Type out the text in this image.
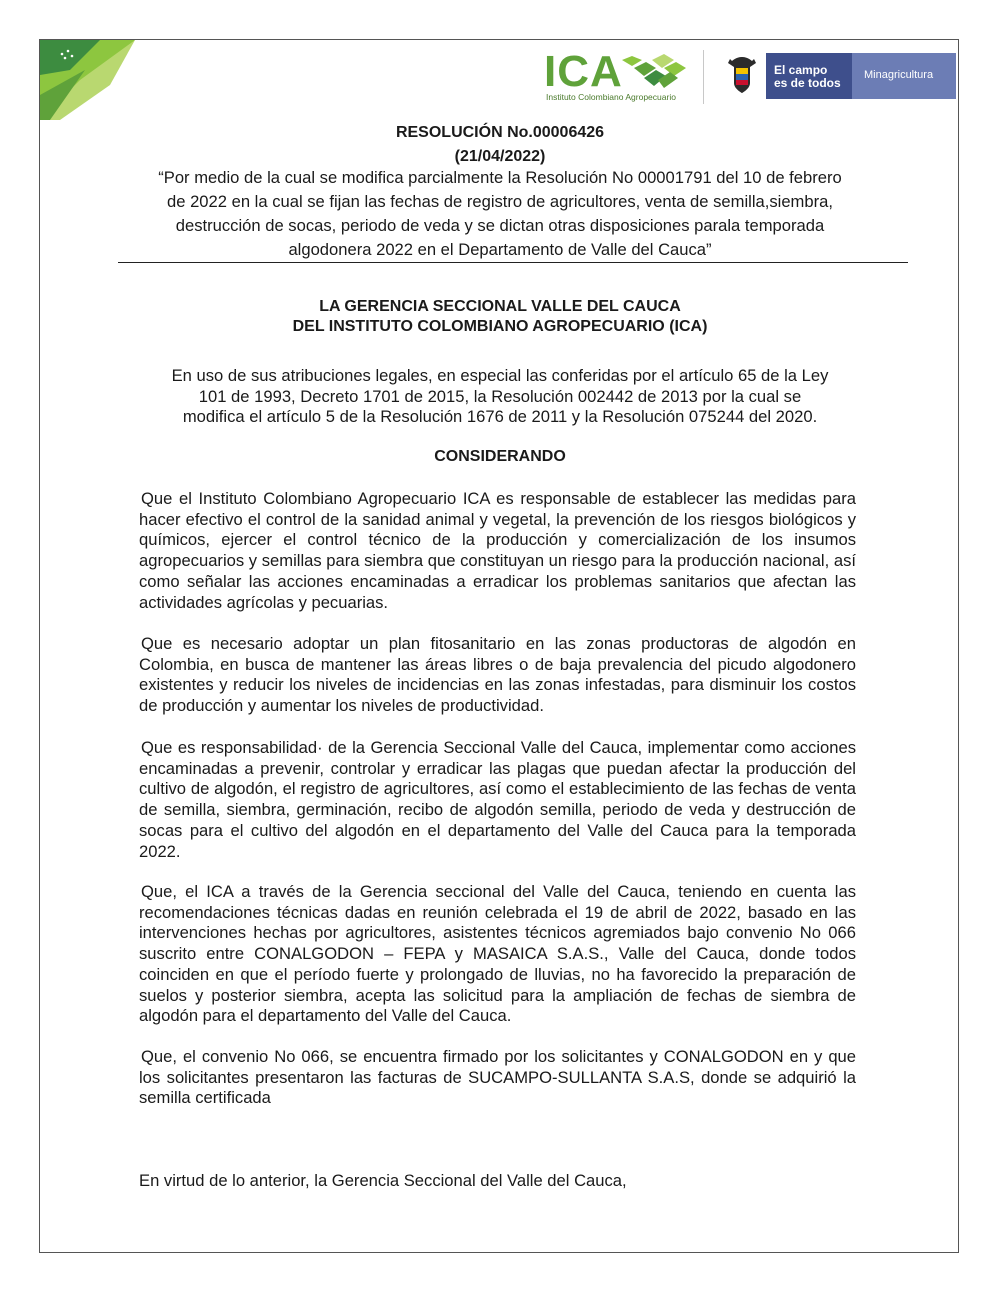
ICA
Instituto Colombiano Agropecuario
El campo
es de todos
Minagricultura
RESOLUCIÓN No.00006426
(21/04/2022)
“Por medio de la cual se modifica parcialmente la Resolución No 00001791 del 10 de febrero
de 2022 en la cual se fijan las fechas de registro de agricultores, venta de semilla,siembra,
destrucción de socas, periodo de veda y se dictan otras disposiciones parala temporada
algodonera 2022 en el Departamento de Valle del Cauca”
LA GERENCIA SECCIONAL VALLE DEL CAUCA
DEL INSTITUTO COLOMBIANO AGROPECUARIO (ICA)
En uso de sus atribuciones legales, en especial las conferidas por el artículo 65 de la Ley
101 de 1993, Decreto 1701 de 2015, la Resolución 002442 de 2013 por la cual se
modifica el artículo 5 de la Resolución 1676 de 2011 y la Resolución 075244 del 2020.
CONSIDERANDO
Que el Instituto Colombiano Agropecuario ICA es responsable de establecer las medidas para hacer efectivo el control de la sanidad animal y vegetal, la prevención de los riesgos biológicos y químicos, ejercer el control técnico de la producción y comercialización de los insumos agropecuarios y semillas para siembra que constituyan un riesgo para la producción nacional, así como señalar las acciones encaminadas a erradicar los problemas sanitarios que afectan las actividades agrícolas y pecuarias.
Que es necesario adoptar un plan fitosanitario en las zonas productoras de algodón en Colombia, en busca de mantener las áreas libres o de baja prevalencia del picudo algodonero existentes y reducir los niveles de incidencias en las zonas infestadas, para disminuir los costos de producción y aumentar los niveles de productividad.
Que es responsabilidad· de la Gerencia Seccional Valle del Cauca, implementar como acciones encaminadas a prevenir, controlar y erradicar las plagas que puedan afectar la producción del cultivo de algodón, el registro de agricultores, así como el establecimiento de las fechas de venta de semilla, siembra, germinación, recibo de algodón semilla, periodo de veda y destrucción de socas para el cultivo del algodón en el departamento del Valle del Cauca para la temporada 2022.
Que, el ICA a través de la Gerencia seccional del Valle del Cauca, teniendo en cuenta las recomendaciones técnicas dadas en reunión celebrada el 19 de abril de 2022, basado en las intervenciones hechas por agricultores, asistentes técnicos agremiados bajo convenio No 066 suscrito entre CONALGODON – FEPA y MASAICA S.A.S., Valle del Cauca, donde todos coinciden en que el período fuerte y prolongado de lluvias, no ha favorecido la preparación de suelos y posterior siembra, acepta las solicitud para la ampliación de fechas de siembra de algodón para el departamento del Valle del Cauca.
Que, el convenio No 066, se encuentra firmado por los solicitantes y CONALGODON en y que los solicitantes presentaron las facturas de SUCAMPO-SULLANTA S.A.S, donde se adquirió la semilla certificada
En virtud de lo anterior, la Gerencia Seccional del Valle del Cauca,
